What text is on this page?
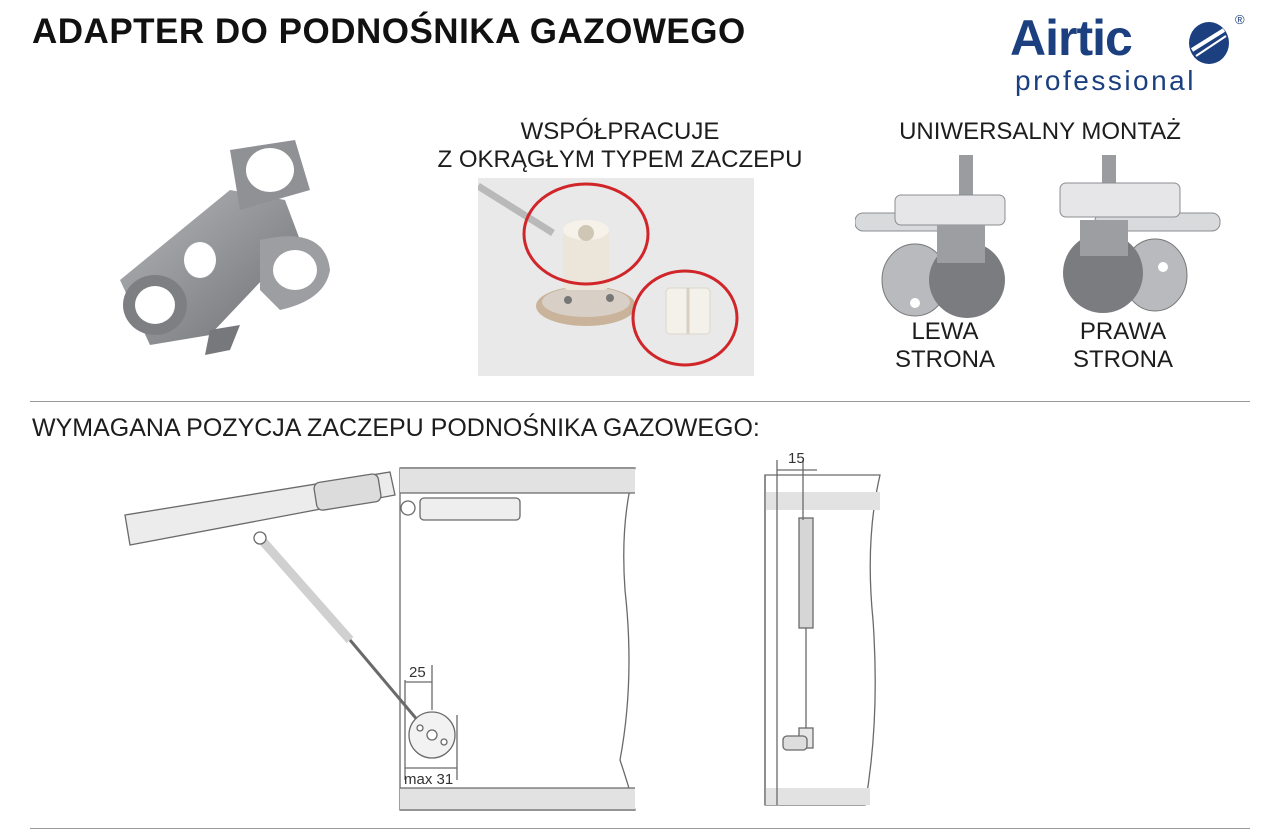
ADAPTER DO PODNOŚNIKA GAZOWEGO	Airtic	®
professional
WSPÓŁPRACUJE
Z OKRĄGŁYM TYPEM ZACZEPU
UNIWERSALNY MONTAŻ
LEWA
STRONA
PRAWA
STRONA
WYMAGANA POZYCJA ZACZEPU PODNOŚNIKA GAZOWEGO:
25
max 31
15
